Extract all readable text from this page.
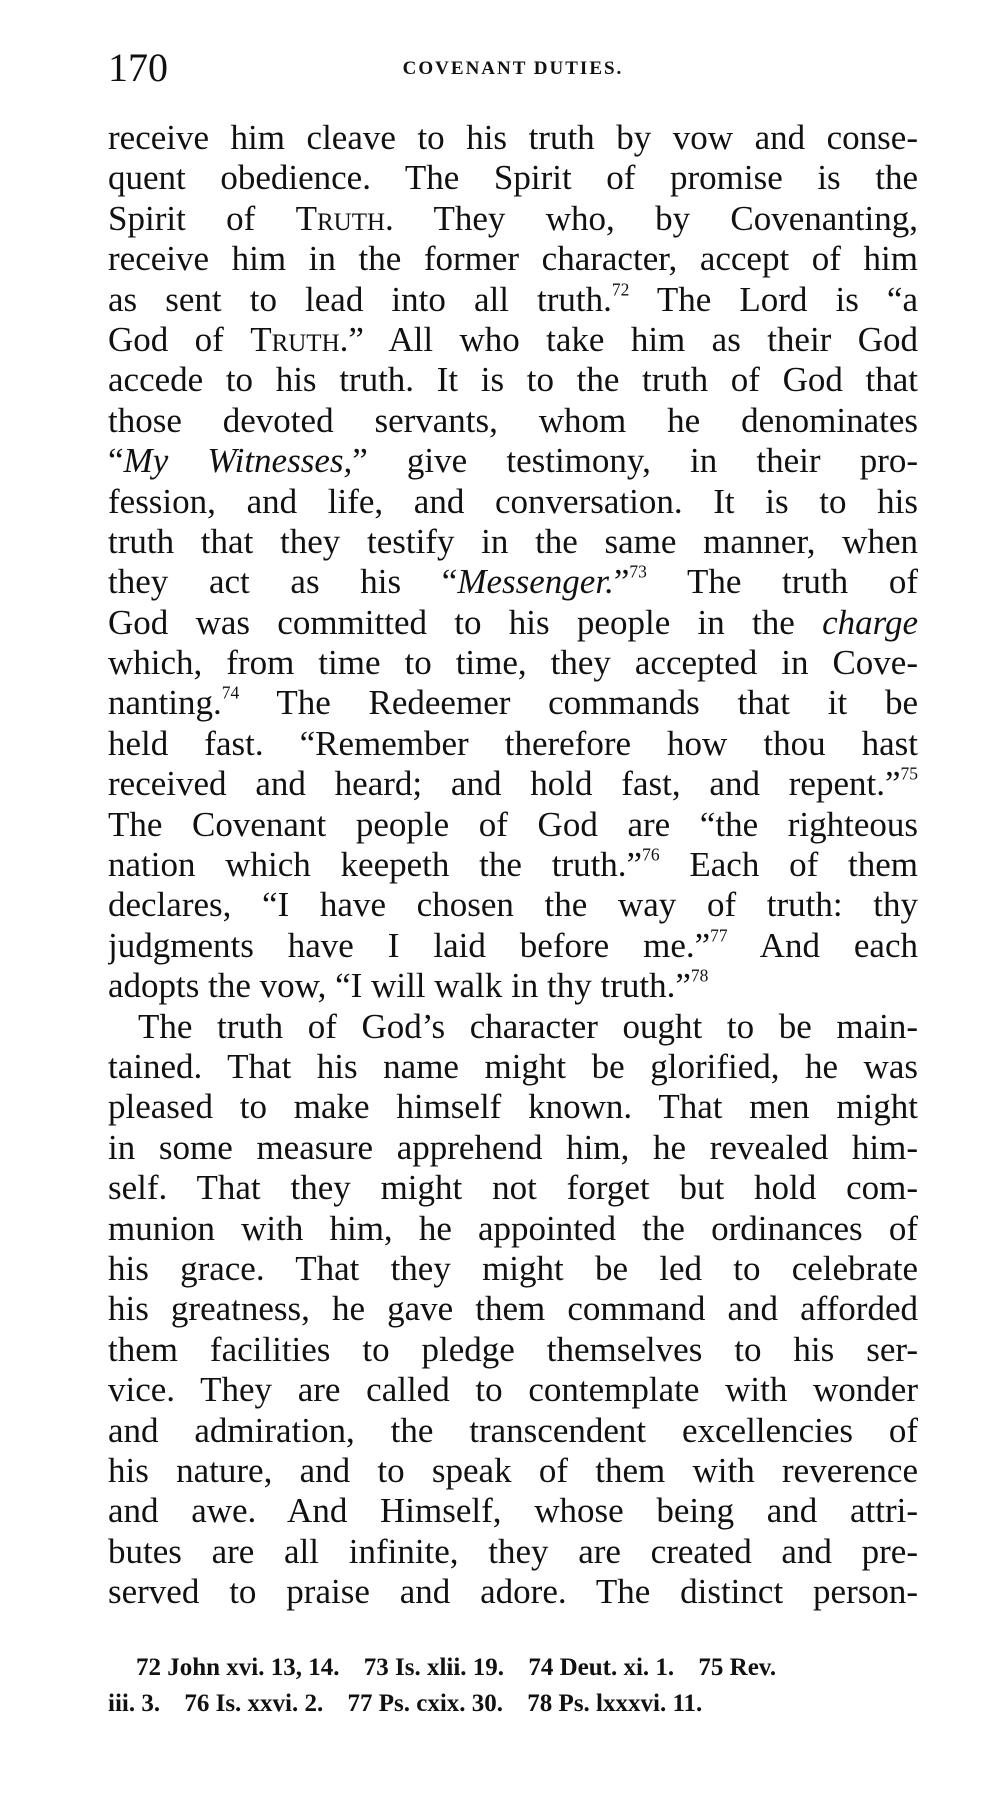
170	COVENANT DUTIES.
receive him cleave to his truth by vow and conse-
quent obedience. The Spirit of promise is the
Spirit of Truth. They who, by Covenanting,
receive him in the former character, accept of him
as sent to lead into all truth.$^{72}$ The Lord is “a
God of Truth.” All who take him as their God
accede to his truth. It is to the truth of God that
those devoted servants, whom he denominates
“My Witnesses,” give testimony, in their pro-
fession, and life, and conversation. It is to his
truth that they testify in the same manner, when
they act as his “Messenger.”$^{73}$ The truth of
God was committed to his people in the charge
which, from time to time, they accepted in Cove-
nanting.$^{74}$ The Redeemer commands that it be
held fast. “Remember therefore how thou hast
received and heard; and hold fast, and repent.”$^{75}$
The Covenant people of God are “the righteous
nation which keepeth the truth.”$^{76}$ Each of them
declares, “I have chosen the way of truth: thy
judgments have I laid before me.”$^{77}$ And each
adopts the vow, “I will walk in thy truth.”$^{78}$
The truth of God’s character ought to be main-
tained. That his name might be glorified, he was
pleased to make himself known. That men might
in some measure apprehend him, he revealed him-
self. That they might not forget but hold com-
munion with him, he appointed the ordinances of
his grace. That they might be led to celebrate
his greatness, he gave them command and afforded
them facilities to pledge themselves to his ser-
vice. They are called to contemplate with wonder
and admiration, the transcendent excellencies of
his nature, and to speak of them with reverence
and awe. And Himself, whose being and attri-
butes are all infinite, they are created and pre-
served to praise and adore. The distinct person-
72 John xvi. 13, 14. 73 Is. xlii. 19. 74 Deut. xi. 1. 75 Rev.
iii. 3. 76 Is. xxvi. 2. 77 Ps. cxix. 30. 78 Ps. lxxxvi. 11.
